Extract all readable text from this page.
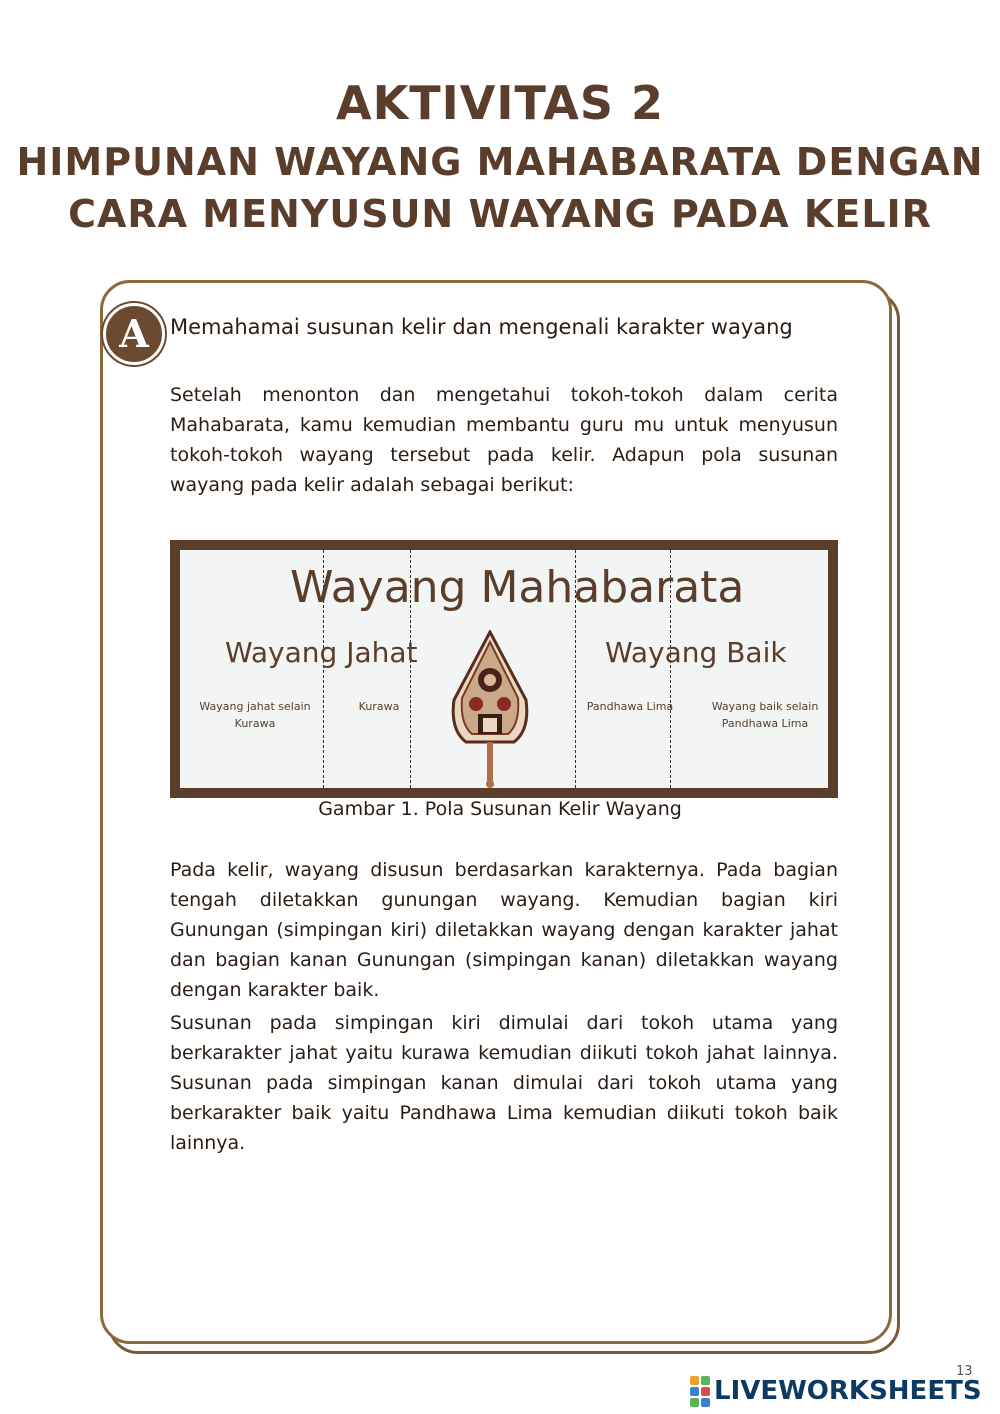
AKTIVITAS 2
HIMPUNAN WAYANG MAHABARATA DENGAN
CARA MENYUSUN WAYANG PADA KELIR
A	Memahamai susunan kelir dan mengenali karakter wayang

Setelah menonton dan mengetahui tokoh-tokoh dalam cerita Mahabarata, kamu kemudian membantu guru mu untuk menyusun tokoh-tokoh wayang tersebut pada kelir. Adapun pola susunan wayang pada kelir adalah sebagai berikut:

Wayang Mahabarata
Wayang Jahat	Wayang Baik
Wayang jahat selain Kurawa
Kurawa	Pandhawa Lima	Wayang baik selain Pandhawa Lima
Gambar 1. Pola Susunan Kelir Wayang

Pada kelir, wayang disusun berdasarkan karakternya. Pada bagian tengah diletakkan gunungan wayang. Kemudian bagian kiri Gunungan (simpingan kiri) diletakkan wayang dengan karakter jahat dan bagian kanan Gunungan (simpingan kanan) diletakkan wayang dengan karakter baik.

Susunan pada simpingan kiri dimulai dari tokoh utama yang berkarakter jahat yaitu kurawa kemudian diikuti tokoh jahat lainnya. Susunan pada simpingan kanan dimulai dari tokoh utama yang berkarakter baik yaitu Pandhawa Lima kemudian diikuti tokoh baik lainnya.

13
LIVEWORKSHEETS
